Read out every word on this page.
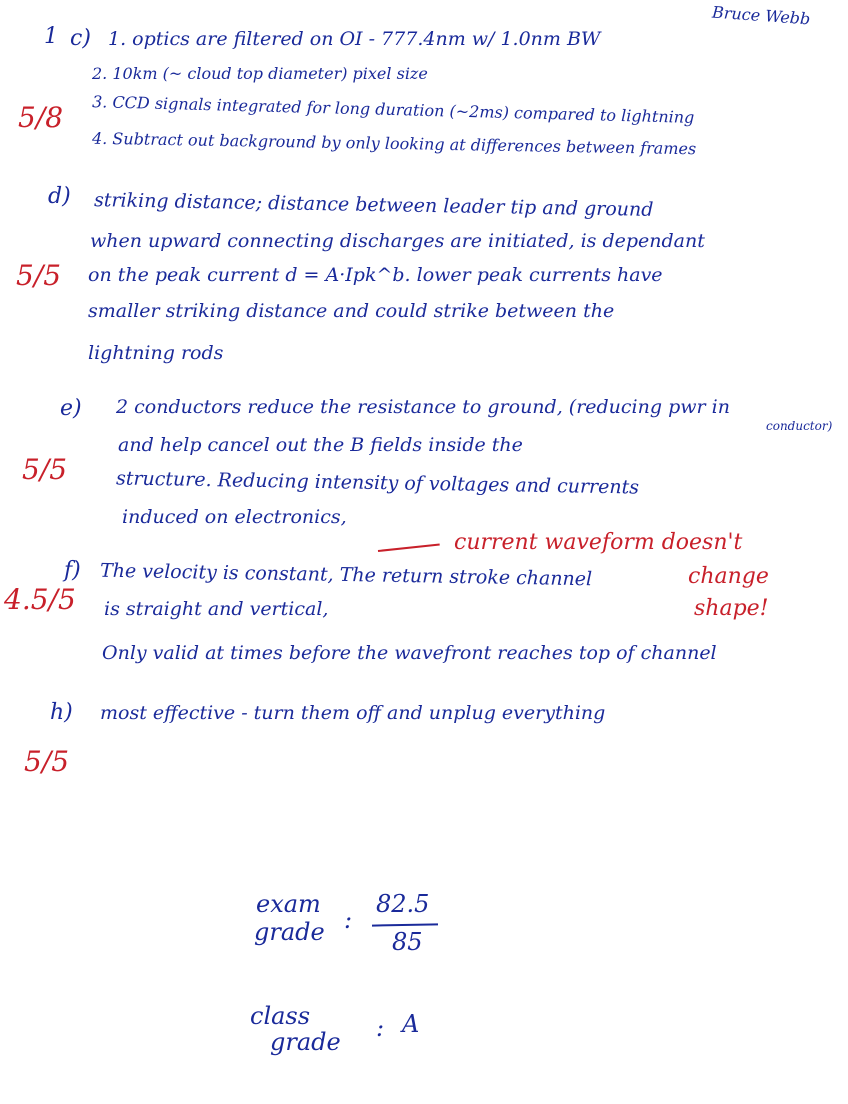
Bruce Webb
1 c) 1. optics are filtered on OI - 777.4nm w/ 1.0nm BW
2. 10km (~ cloud top diameter) pixel size
3. CCD signals integrated for long duration (~2ms) compared to lightning
4. Subtract out background by only looking at differences between frames
5/8
d) striking distance; distance between leader tip and ground
when upward connecting discharges are initiated, is dependant
on the peak current d = A·Ipk^b. lower peak currents have
smaller striking distance and could strike between the
lightning rods
5/5
e) 2 conductors reduce the resistance to ground, (reducing pwr in
conductor)
and help cancel out the B fields inside the
structure. Reducing intensity of voltages and currents
induced on electronics,
5/5
current waveform doesn't
f) The velocity is constant, The return stroke channel	change
is straight and vertical,	shape!
Only valid at times before the wavefront reaches top of channel
4.5/5
h) most effective - turn them off and unplug everything
5/5
exam
grade :
82.5
85
class
grade : A
